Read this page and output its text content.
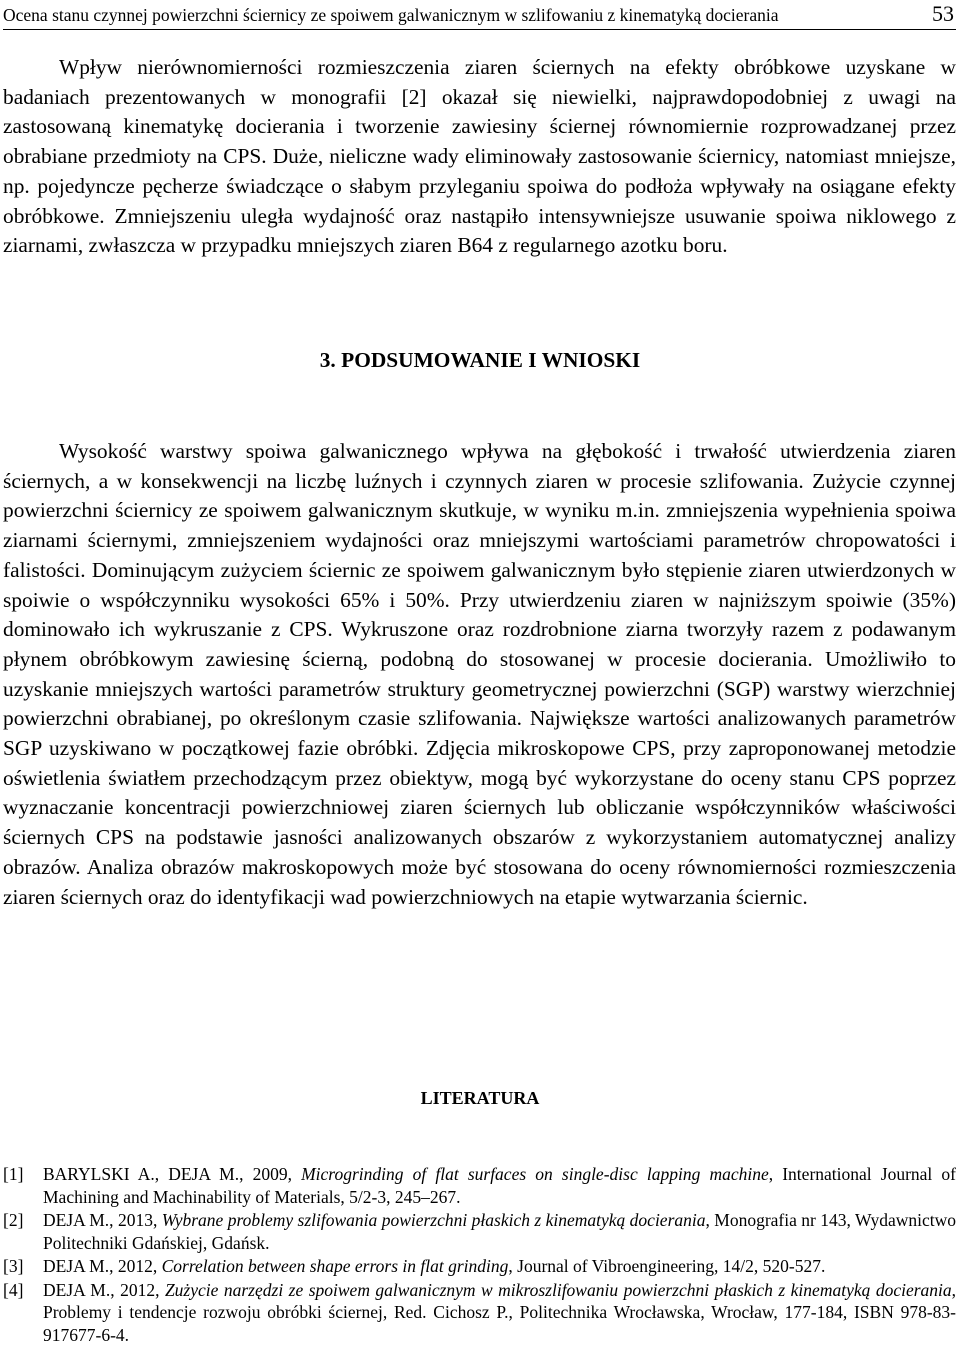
Ocena stanu czynnej powierzchni ściernicy ze spoiwem galwanicznym w szlifowaniu z kinematyką docierania	53

Wpływ nierównomierności rozmieszczenia ziaren ściernych na efekty obróbkowe uzyskane w badaniach prezentowanych w monografii [2] okazał się niewielki, najprawdopodobniej z uwagi na zastosowaną kinematykę docierania i tworzenie zawiesiny ściernej równomiernie rozprowadzanej przez obrabiane przedmioty na CPS. Duże, nieliczne wady eliminowały zastosowanie ściernicy, natomiast mniejsze, np. pojedyncze pęcherze świadczące o słabym przyleganiu spoiwa do podłoża wpływały na osiągane efekty obróbkowe. Zmniejszeniu uległa wydajność oraz nastąpiło intensywniejsze usuwanie spoiwa niklowego z ziarnami, zwłaszcza w przypadku mniejszych ziaren B64 z regularnego azotku boru.

3. PODSUMOWANIE I WNIOSKI

Wysokość warstwy spoiwa galwanicznego wpływa na głębokość i trwałość utwierdzenia ziaren ściernych, a w konsekwencji na liczbę luźnych i czynnych ziaren w procesie szlifowania. Zużycie czynnej powierzchni ściernicy ze spoiwem galwanicznym skutkuje, w wyniku m.in. zmniejszenia wypełnienia spoiwa ziarnami ściernymi, zmniejszeniem wydajności oraz mniejszymi wartościami parametrów chropowatości i falistości. Dominującym zużyciem ściernic ze spoiwem galwanicznym było stępienie ziaren utwierdzonych w spoiwie o współczynniku wysokości 65% i 50%. Przy utwierdzeniu ziaren w najniższym spoiwie (35%) dominowało ich wykruszanie z CPS. Wykruszone oraz rozdrobnione ziarna tworzyły razem z podawanym płynem obróbkowym zawiesinę ścierną, podobną do stosowanej w procesie docierania. Umożliwiło to uzyskanie mniejszych wartości parametrów struktury geometrycznej powierzchni (SGP) warstwy wierzchniej powierzchni obrabianej, po określonym czasie szlifowania. Największe wartości analizowanych parametrów SGP uzyskiwano w początkowej fazie obróbki. Zdjęcia mikroskopowe CPS, przy zaproponowanej metodzie oświetlenia światłem przechodzącym przez obiektyw, mogą być wykorzystane do oceny stanu CPS poprzez wyznaczanie koncentracji powierzchniowej ziaren ściernych lub obliczanie współczynników właściwości ściernych CPS na podstawie jasności analizowanych obszarów z wykorzystaniem automatycznej analizy obrazów. Analiza obrazów makroskopowych może być stosowana do oceny równomierności rozmieszczenia ziaren ściernych oraz do identyfikacji wad powierzchniowych na etapie wytwarzania ściernic.

LITERATURA
[1]	BARYLSKI A., DEJA M., 2009, Microgrinding of flat surfaces on single-disc lapping machine, International Journal of Machining and Machinability of Materials, 5/2-3, 245–267.
[2]	DEJA M., 2013, Wybrane problemy szlifowania powierzchni płaskich z kinematyką docierania, Monografia nr 143, Wydawnictwo Politechniki Gdańskiej, Gdańsk.
[3]	DEJA M., 2012, Correlation between shape errors in flat grinding, Journal of Vibroengineering, 14/2, 520-527.
[4]	DEJA M., 2012, Zużycie narzędzi ze spoiwem galwanicznym w mikroszlifowaniu powierzchni płaskich z kinematyką docierania, Problemy i tendencje rozwoju obróbki ściernej, Red. Cichosz P., Politechnika Wrocławska, Wrocław, 177-184, ISBN 978-83-917677-6-4.
